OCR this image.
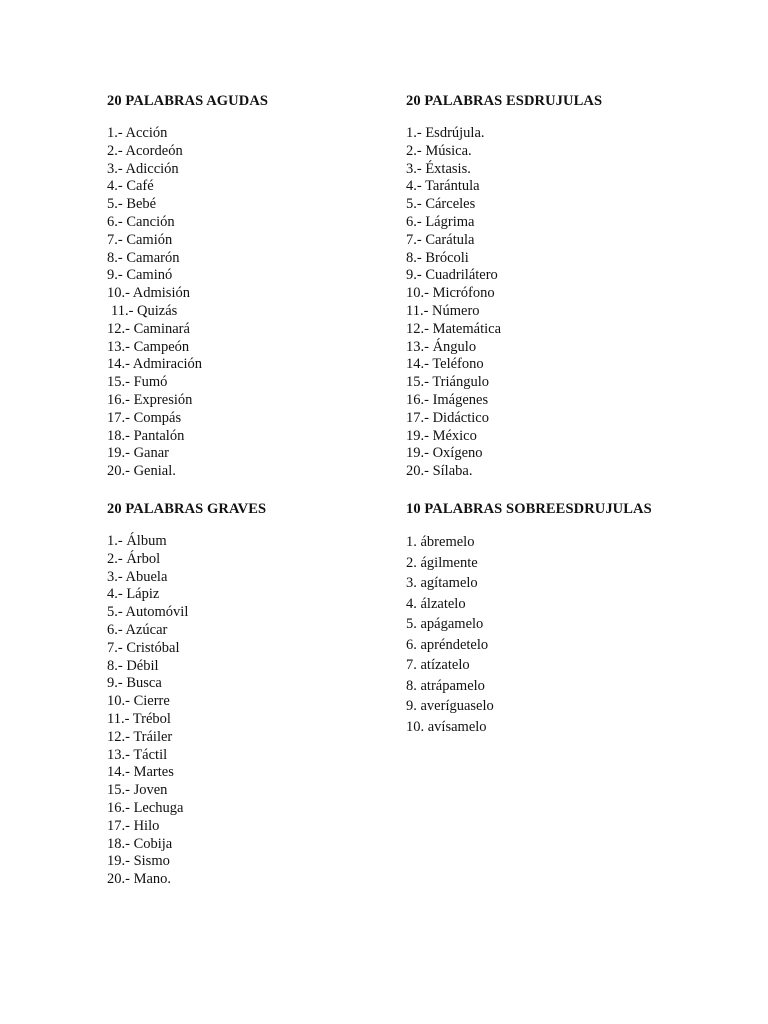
20 PALABRAS AGUDAS
1.- Acción
2.- Acordeón
3.- Adicción
4.- Café
5.- Bebé
6.- Canción
7.- Camión
8.- Camarón
9.- Caminó
10.- Admisión
11.- Quizás
12.- Caminará
13.- Campeón
14.- Admiración
15.- Fumó
16.- Expresión
17.- Compás
18.- Pantalón
19.- Ganar
20.- Genial.
20 PALABRAS ESDRUJULAS
1.- Esdrújula.
2.- Música.
3.- Éxtasis.
4.- Tarántula
5.- Cárceles
6.- Lágrima
7.- Carátula
8.- Brócoli
9.- Cuadrilátero
10.- Micrófono
11.- Número
12.- Matemática
13.- Ángulo
14.- Teléfono
15.- Triángulo
16.- Imágenes
17.- Didáctico
19.- México
19.- Oxígeno
20.- Sílaba.
20 PALABRAS GRAVES
1.- Álbum
2.- Árbol
3.- Abuela
4.- Lápiz
5.- Automóvil
6.- Azúcar
7.- Cristóbal
8.- Débil
9.- Busca
10.- Cierre
11.- Trébol
12.- Tráiler
13.- Táctil
14.- Martes
15.- Joven
16.- Lechuga
17.- Hilo
18.- Cobija
19.- Sismo
20.- Mano.
10 PALABRAS SOBREESDRUJULAS
1. ábremelo
2. ágilmente
3. agítamelo
4. álzatelo
5. apágamelo
6. apréndetelo
7. atízatelo
8. atrápamelo
9. averíguaselo
10. avísamelo
